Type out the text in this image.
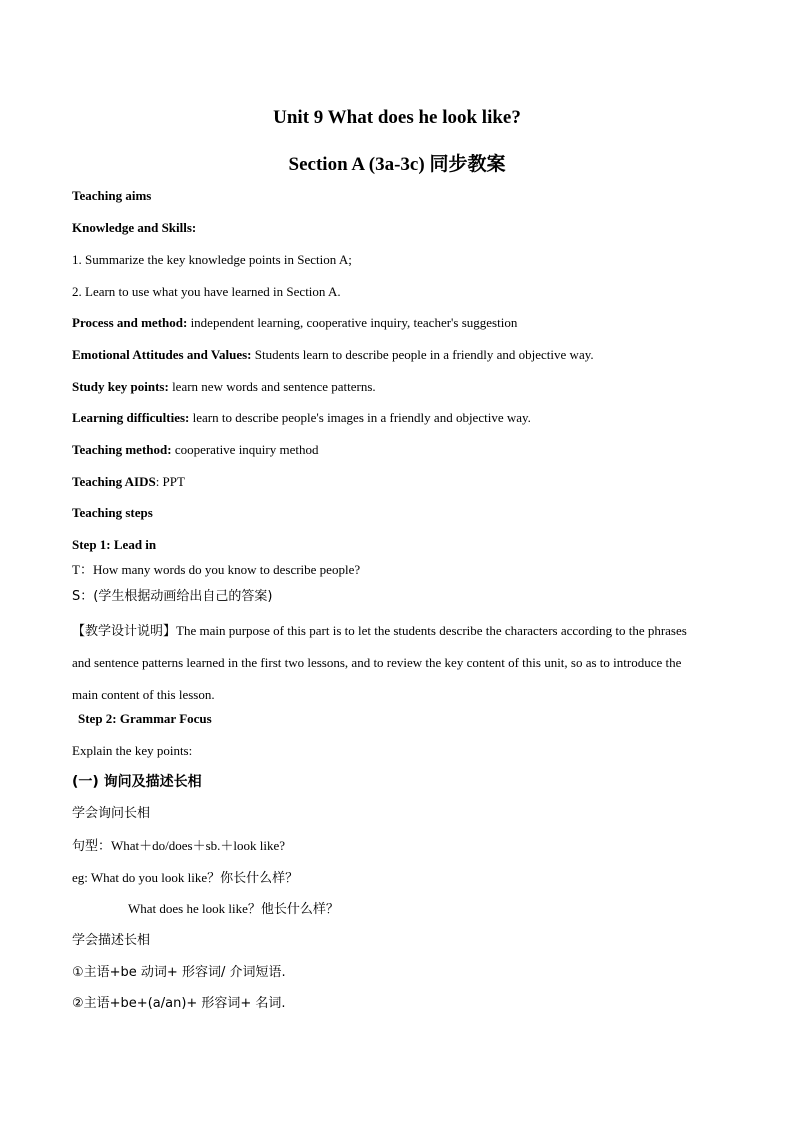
Unit 9 What does he look like?
Section A (3a-3c) 同步教案
Teaching aims
Knowledge and Skills:
1. Summarize the key knowledge points in Section A;
2. Learn to use what you have learned in Section A.
Process and method: independent learning, cooperative inquiry, teacher's suggestion
Emotional Attitudes and Values: Students learn to describe people in a friendly and objective way.
Study key points: learn new words and sentence patterns.
Learning difficulties: learn to describe people's images in a friendly and objective way.
Teaching method: cooperative inquiry method
Teaching AIDS: PPT
Teaching steps
Step 1: Lead in
T：How many words do you know to describe people?
S：(学生根据动画给出自己的答案)
【教学设计说明】The main purpose of this part is to let the students describe the characters according to the phrases
and sentence patterns learned in the first two lessons, and to review the key content of this unit, so as to introduce the
main content of this lesson.
Step 2: Grammar Focus
Explain the key points:
(一) 询问及描述长相
学会询问长相
句型：What＋do/does＋sb.＋look like?
eg: What do you look like？你长什么样？
What does he look like？他长什么样？
学会描述长相
①主语+be 动词+ 形容词/ 介词短语.
②主语+be+(a/an)+ 形容词+ 名词.
